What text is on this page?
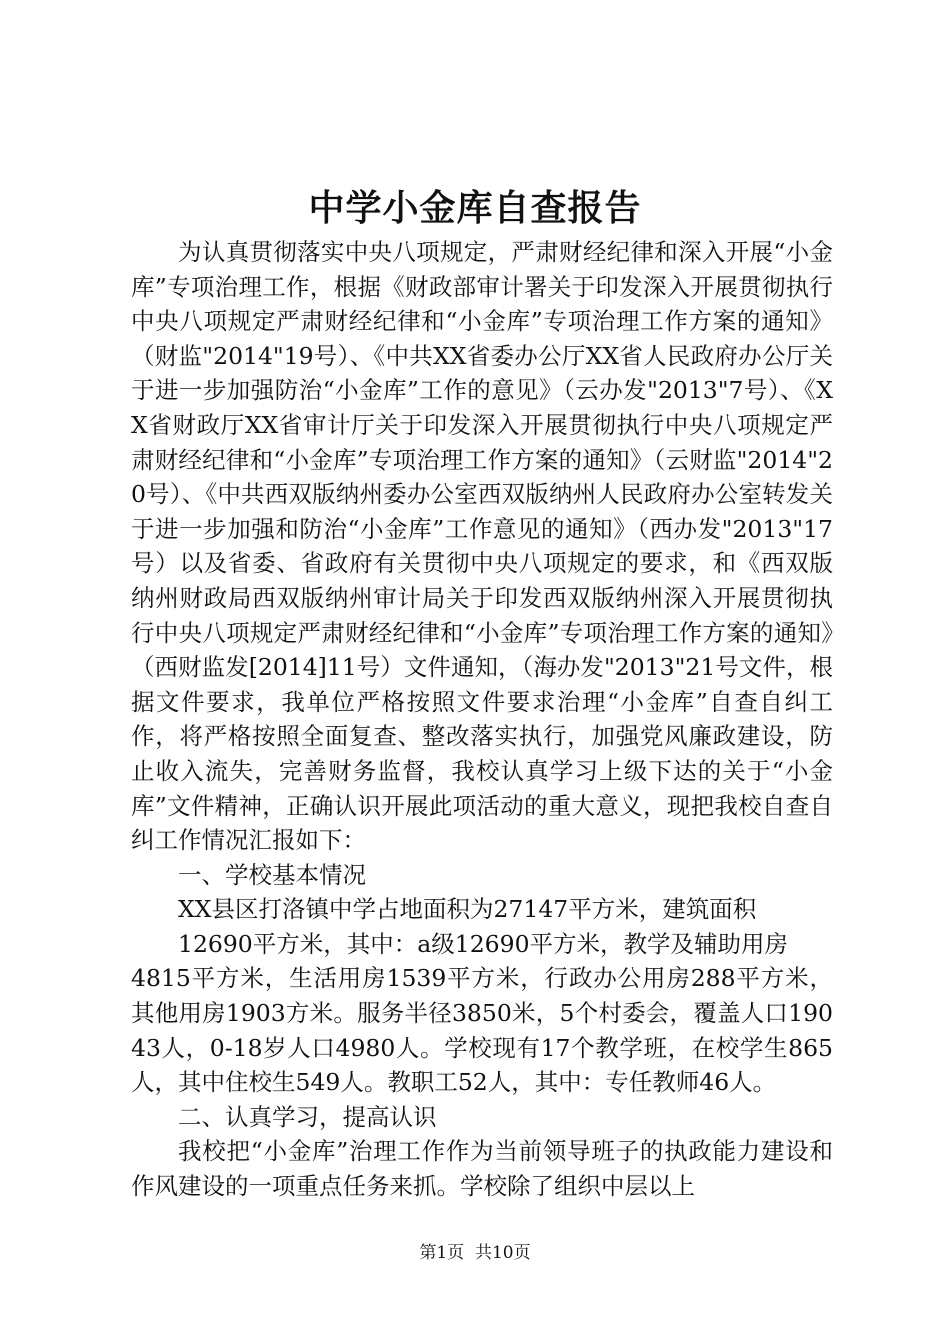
中学小金库自查报告

为认真贯彻落实中央八项规定，严肃财经纪律和深入开展“小金库”专项治理工作，根据《财政部审计署关于印发深入开展贯彻执行中央八项规定严肃财经纪律和“小金库”专项治理工作方案的通知》（财监"2014"19号）、《中共XX省委办公厅XX省人民政府办公厅关于进一步加强防治“小金库”工作的意见》（云办发"2013"7号）、《XX省财政厅XX省审计厅关于印发深入开展贯彻执行中央八项规定严肃财经纪律和“小金库”专项治理工作方案的通知》（云财监"2014"20号）、《中共西双版纳州委办公室西双版纳州人民政府办公室转发关于进一步加强和防治“小金库”工作意见的通知》（西办发"2013"17号）以及省委、省政府有关贯彻中央八项规定的要求，和《西双版纳州财政局西双版纳州审计局关于印发西双版纳州深入开展贯彻执行中央八项规定严肃财经纪律和“小金库”专项治理工作方案的通知》（西财监发[2014]11号）文件通知，（海办发"2013"21号文件，根据文件要求，我单位严格按照文件要求治理“小金库”自查自纠工作，将严格按照全面复查、整改落实执行，加强党风廉政建设，防止收入流失，完善财务监督，我校认真学习上级下达的关于“小金库”文件精神，正确认识开展此项活动的重大意义，现把我校自查自纠工作情况汇报如下：

一、学校基本情况

XX县区打洛镇中学占地面积为27147平方米，建筑面积

12690平方米，其中：a级12690平方米，教学及辅助用房

4815平方米，生活用房1539平方米，行政办公用房288平方米，其他用房1903方米。服务半径3850米，5个村委会，覆盖人口19043人，0-18岁人口4980人。学校现有17个教学班，在校学生865人，其中住校生549人。教职工52人，其中：专任教师46人。

二、认真学习，提高认识

我校把“小金库”治理工作作为当前领导班子的执政能力建设和作风建设的一项重点任务来抓。学校除了组织中层以上

第1页  共10页
